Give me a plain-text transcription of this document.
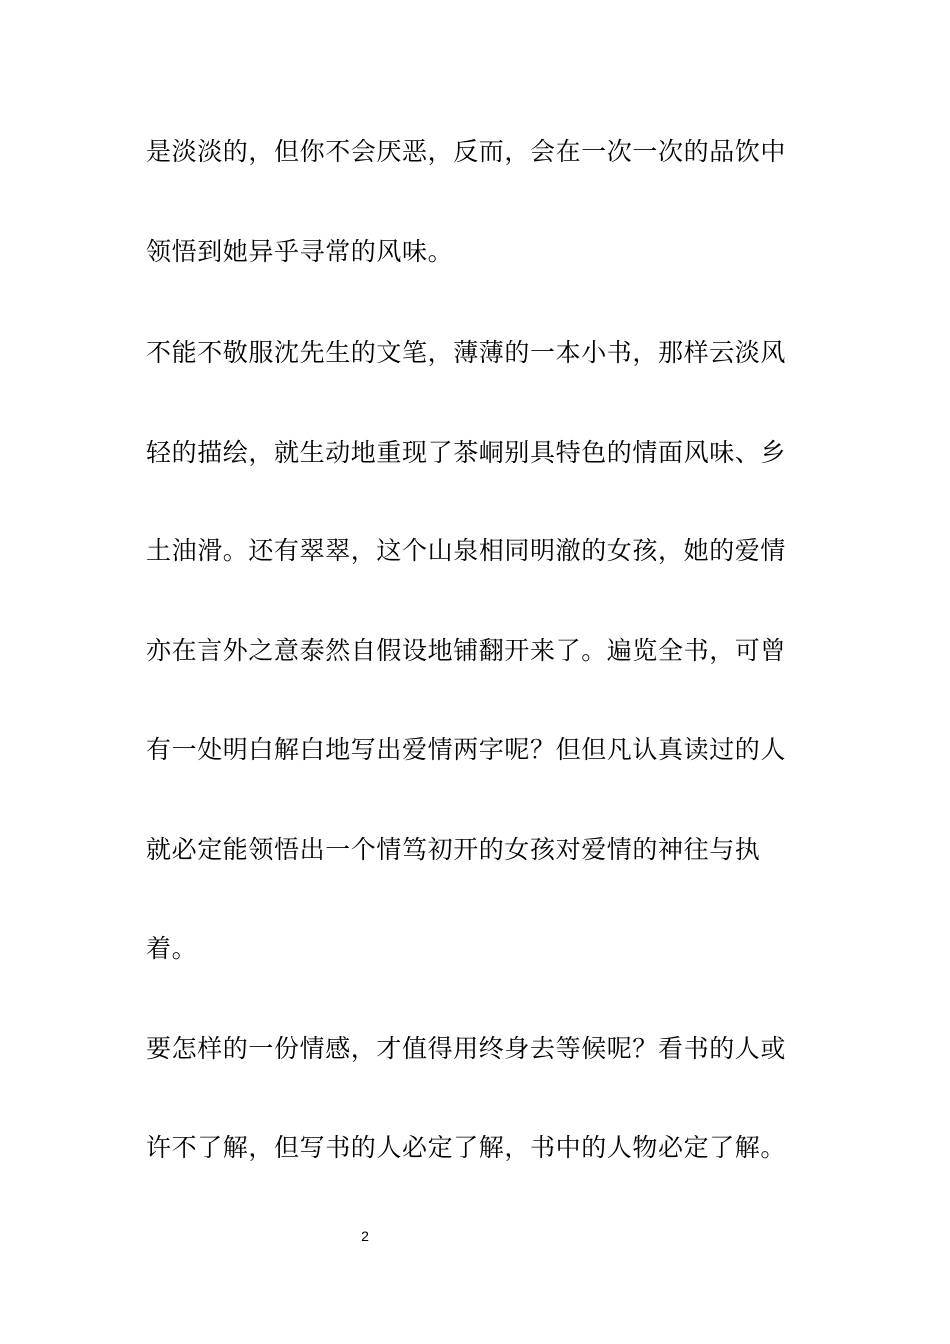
是淡淡的，但你不会厌恶，反而，会在一次一次的品饮中
领悟到她异乎寻常的风味。
不能不敬服沈先生的文笔，薄薄的一本小书，那样云淡风
轻的描绘，就生动地重现了茶峒别具特色的情面风味、乡
土油滑。还有翠翠，这个山泉相同明澈的女孩，她的爱情
亦在言外之意泰然自假设地铺翻开来了。遍览全书，可曾
有一处明白解白地写出爱情两字呢？但但凡认真读过的人
就必定能领悟出一个情笃初开的女孩对爱情的神往与执
着。
要怎样的一份情感，才值得用终身去等候呢？看书的人或
许不了解，但写书的人必定了解，书中的人物必定了解。
2
